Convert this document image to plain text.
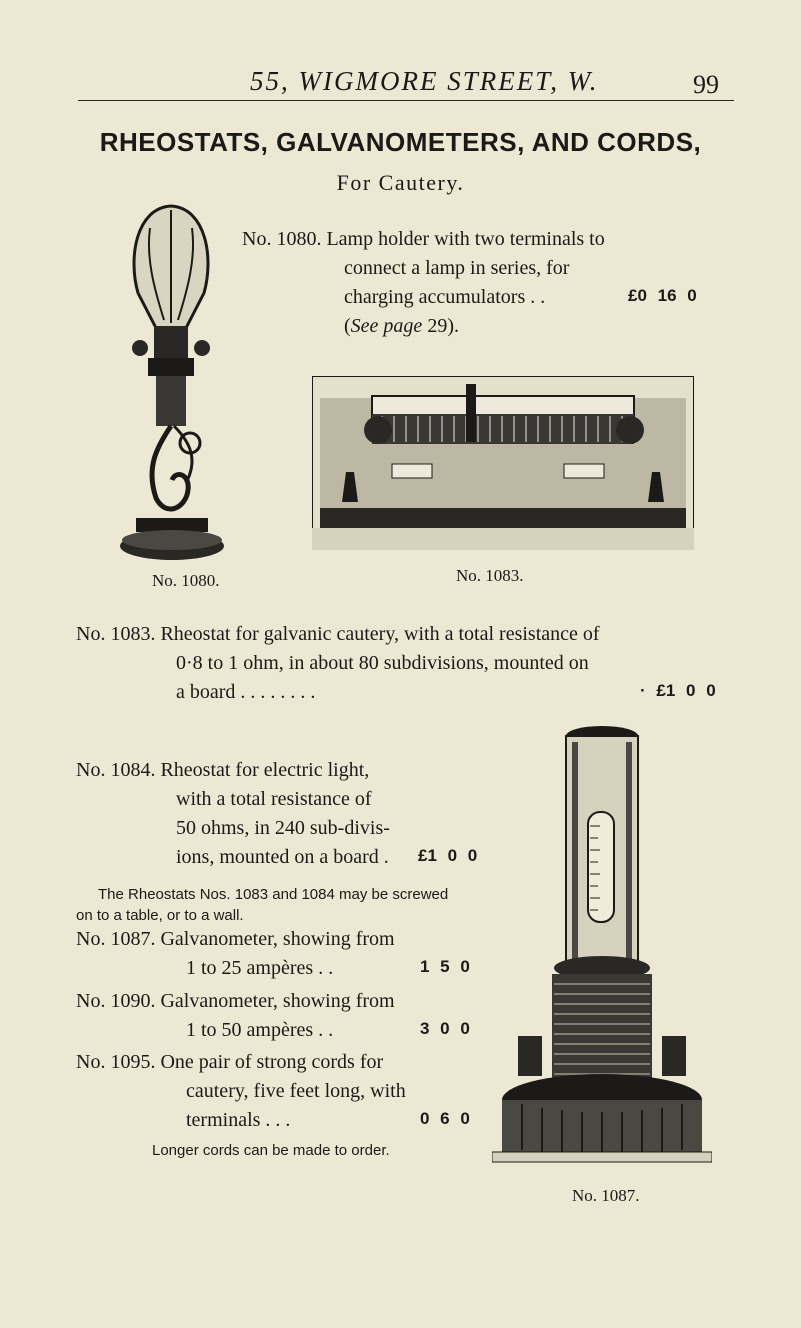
55, WIGMORE STREET, W.	99
RHEOSTATS, GALVANOMETERS, AND CORDS,
For Cautery.
No. 1080. Lamp holder with two terminals to
connect a lamp in series, for
charging accumulators . .	£0 16 0
(See page 29).
No. 1080.	No. 1083.
No. 1083. Rheostat for galvanic cautery, with a total resistance of
0·8 to 1 ohm, in about 80 subdivisions, mounted on
a board . . . . . . . .	· £1 0 0
No. 1084. Rheostat for electric light,
with a total resistance of
50 ohms, in 240 sub-divis-
ions, mounted on a board . £1 0 0
The Rheostats Nos. 1083 and 1084 may be screwed
on to a table, or to a wall.
No. 1087. Galvanometer, showing from
1 to 25 ampères . .	1 5 0
No. 1090. Galvanometer, showing from
1 to 50 ampères . .	3 0 0
No. 1095. One pair of strong cords for
cautery, five feet long, with
terminals . . .	0 6 0
Longer cords can be made to order.
No. 1087.
